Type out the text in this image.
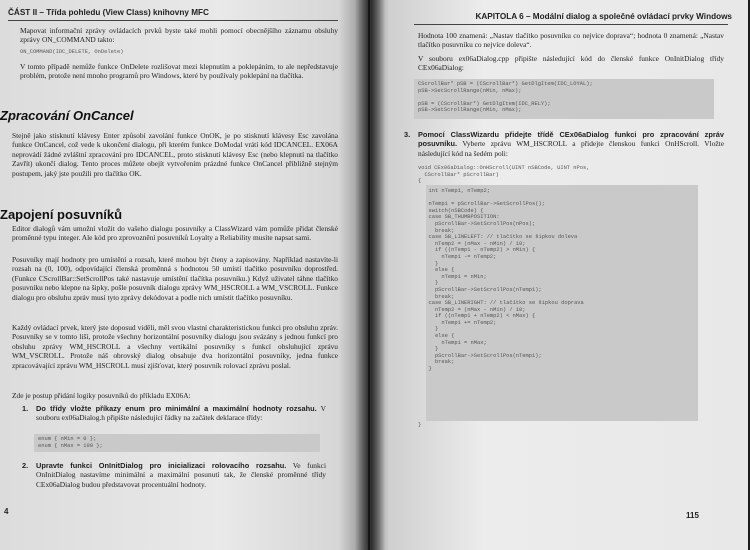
ČÁST II – Třída pohledu (View Class) knihovny MFC
Mapovat informační zprávy ovládacích prvků byste také mohli pomocí obecnějšího záznamu obsluhy zprávy ON_COMMAND takto:
ON_COMMAND(IDC_DELETE, OnDelete)
V tomto případě nemůže funkce OnDelete rozlišovat mezi klepnutím a poklepáním, to ale nepředstavuje problém, protože není mnoho programů pro Windows, které by používaly poklepání na tlačítka.
Zpracování OnCancel
Stejně jako stisknutí klávesy Enter způsobí zavolání funkce OnOK, je po stisknutí klávesy Esc zavolána funkce OnCancel, což vede k ukončení dialogu, při kterém funkce DoModal vrátí kód IDCANCEL. EX06A neprovádí žádné zvláštní zpracování pro IDCANCEL, proto stisknutí klávesy Esc (nebo klepnutí na tlačítko Zavřít) ukončí dialog. Tento proces můžete obejít vytvořením prázdné funkce OnCancel přibližně stejným postupem, jaký jste použili pro tlačítko OK.
Zapojení posuvníků
Editor dialogů vám umožní vložit do vašeho dialogu posuvníky a ClassWizard vám pomůže přidat členské proměnné typu integer. Ale kód pro zprovoznění posuvníků Loyalty a Reliability musíte napsat sami.
Posuvníky mají hodnoty pro umístění a rozsah, které mohou být čteny a zapisovány. Například nastavíte-li rozsah na (0, 100), odpovídající členská proměnná s hodnotou 50 umístí tlačítko posuvníku doprostřed. (Funkce CScrollBar::SetScrollPos také nastavuje umístění tlačítka posuvníku.) Když uživatel táhne tlačítko posuvníku nebo klepne na šipky, pošle posuvník dialogu zprávy WM_HSCROLL a WM_VSCROLL. Funkce dialogu pro obsluhu zpráv musí tyto zprávy dekódovat a podle nich umístit tlačítko posuvníku.
Každý ovládací prvek, který jste doposud viděli, měl svou vlastní charakteristickou funkci pro obsluhu zpráv. Posuvníky se v tomto liší, protože všechny horizontální posuvníky dialogu jsou svázány s jednou funkcí pro obsluhu zprávy WM_HSCROLL a všechny vertikální posuvníky s funkcí obsluhující zprávu WM_VSCROLL. Protože náš obrovský dialog obsahuje dva horizontální posuvníky, jedna funkce zpracovávající zprávu WM_HSCROLL musí zjišťovat, který posuvník rolovací zprávu poslal.
Zde je postup přidání logiky posuvníků do příkladu EX06A:
1. Do třídy vložte příkazy enum pro minimální a maximální hodnoty rozsahu. V souboru ex06aDialog.h připište následující řádky na začátek deklarace třídy:
enum { nMin = 0 };
enum { nMax = 100 };
2. Upravte funkci OnInitDialog pro inicializaci rolovacího rozsahu. Ve funkci OnInitDialog nastavíme minimální a maximální posunutí tak, že členské proměnné třídy CEx06aDialog budou představovat procentuální hodnoty.
4
KAPITOLA 6 – Modální dialog a společné ovládací prvky Windows
Hodnota 100 znamená: „Nastav tlačítko posuvníku co nejvíce doprava“; hodnota 0 znamená: „Nastav tlačítko posuvníku co nejvíce doleva“.
V souboru ex06aDialog.cpp připište následující kód do členské funkce OnInitDialog třídy CEx06aDialog:
CScrollBar* pSB = (CScrollBar*) GetDlgItem(IDC_LOYAL);
pSB->SetScrollRange(nMin, nMax);

pSB = (CScrollBar*) GetDlgItem(IDC_RELY);
pSB->SetScrollRange(nMin, nMax);
3. Pomocí ClassWizardu přidejte třídě CEx06aDialog funkci pro zpracování zpráv posuvníku. Vyberte zprávu WM_HSCROLL a přidejte členskou funkci OnHScroll. Vložte následující kód na šedém poli:
void CEx06aDialog::OnHScroll(UINT nSBCode, UINT nPos,
CScrollBar* pScrollBar)
{
int nTemp1, nTemp2;

nTemp1 = pScrollBar->GetScrollPos();
switch(nSBCode) {
case SB_THUMBPOSITION:
pScrollBar->SetScrollPos(nPos);
break;
case SB_LINELEFT: // tlačítko se šipkou doleva
nTemp2 = (nMax - nMin) / 10;
if ((nTemp1 - nTemp2) > nMin) {
nTemp1 -= nTemp2;
}
else {
nTemp1 = nMin;
}
pScrollBar->SetScrollPos(nTemp1);
break;
case SB_LINERIGHT: // tlačítko se šipkou doprava
nTemp2 = (nMax - nMin) / 10;
if ((nTemp1 + nTemp2) < nMax) {
nTemp1 += nTemp2;
}
else {
nTemp1 = nMax;
}
pScrollBar->SetScrollPos(nTemp1);
break;
}
}
115
